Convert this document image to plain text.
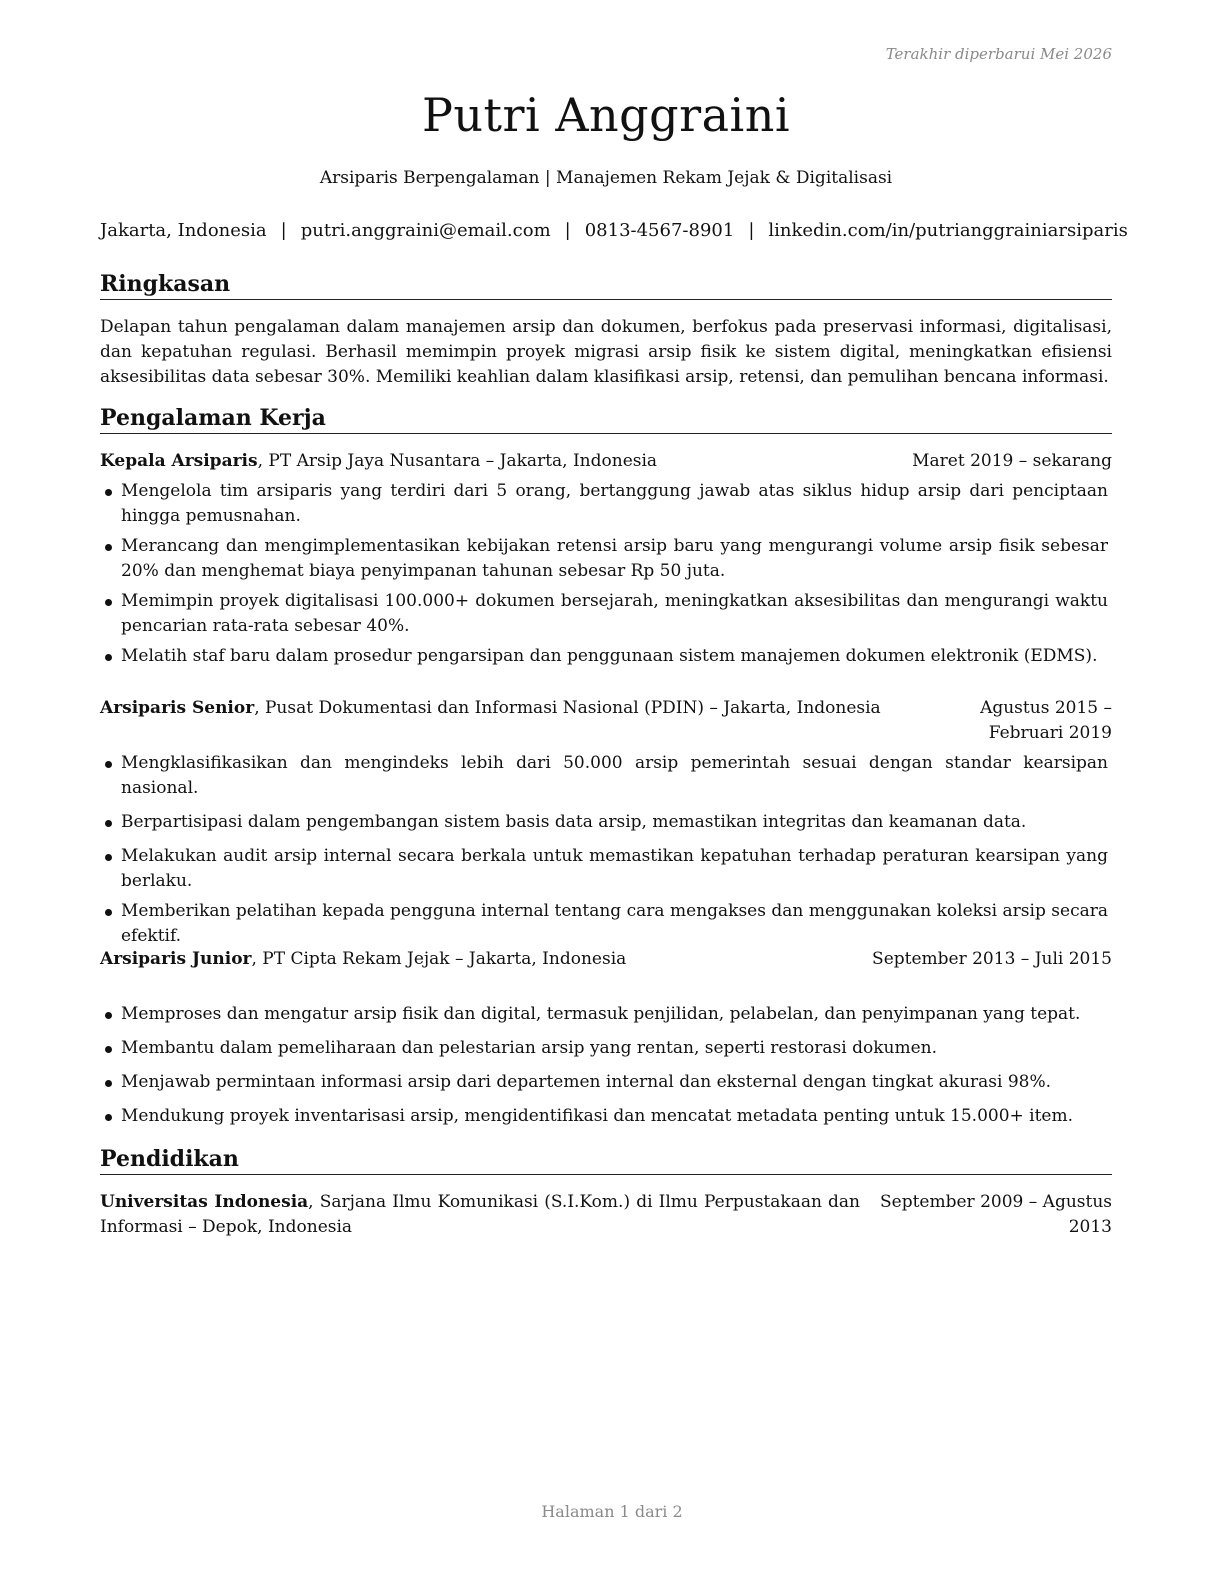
Terakhir diperbarui Mei 2026
Putri Anggraini
Arsiparis Berpengalaman | Manajemen Rekam Jejak & Digitalisasi
Jakarta, Indonesia | putri.anggraini@email.com | 0813-4567-8901 | linkedin.com/in/putrianggrainiarsiparis
Ringkasan

Delapan tahun pengalaman dalam manajemen arsip dan dokumen, berfokus pada preservasi informasi, digitalisasi, dan kepatuhan regulasi. Berhasil memimpin proyek migrasi arsip fisik ke sistem digital, meningkatkan efisiensi aksesibilitas data sebesar 30%. Memiliki keahlian dalam klasifikasi arsip, retensi, dan pemulihan bencana informasi.

Pengalaman Kerja
Kepala Arsiparis, PT Arsip Jaya Nusantara – Jakarta, Indonesia	Maret 2019 – sekarang
Mengelola tim arsiparis yang terdiri dari 5 orang, bertanggung jawab atas siklus hidup arsip dari penciptaan hingga pemusnahan.
Merancang dan mengimplementasikan kebijakan retensi arsip baru yang mengurangi volume arsip fisik sebesar 20% dan menghemat biaya penyimpanan tahunan sebesar Rp 50 juta.
Memimpin proyek digitalisasi 100.000+ dokumen bersejarah, meningkatkan aksesibilitas dan mengurangi waktu pencarian rata-rata sebesar 40%.
Melatih staf baru dalam prosedur pengarsipan dan penggunaan sistem manajemen dokumen elektronik (EDMS).
Arsiparis Senior, Pusat Dokumentasi dan Informasi Nasional (PDIN) – Jakarta, Indonesia	Agustus 2015 – Februari 2019
Mengklasifikasikan dan mengindeks lebih dari 50.000 arsip pemerintah sesuai dengan standar kearsipan nasional.
Berpartisipasi dalam pengembangan sistem basis data arsip, memastikan integritas dan keamanan data.
Melakukan audit arsip internal secara berkala untuk memastikan kepatuhan terhadap peraturan kearsipan yang berlaku.
Memberikan pelatihan kepada pengguna internal tentang cara mengakses dan menggunakan koleksi arsip secara efektif.
Arsiparis Junior, PT Cipta Rekam Jejak – Jakarta, Indonesia	September 2013 – Juli 2015
Memproses dan mengatur arsip fisik dan digital, termasuk penjilidan, pelabelan, dan penyimpanan yang tepat.
Membantu dalam pemeliharaan dan pelestarian arsip yang rentan, seperti restorasi dokumen.
Menjawab permintaan informasi arsip dari departemen internal dan eksternal dengan tingkat akurasi 98%.
Mendukung proyek inventarisasi arsip, mengidentifikasi dan mencatat metadata penting untuk 15.000+ item.
Pendidikan
Universitas Indonesia, Sarjana Ilmu Komunikasi (S.I.Kom.) di Ilmu Perpustakaan dan Informasi – Depok, Indonesia
September 2009 – Agustus 2013
Halaman 1 dari 2
